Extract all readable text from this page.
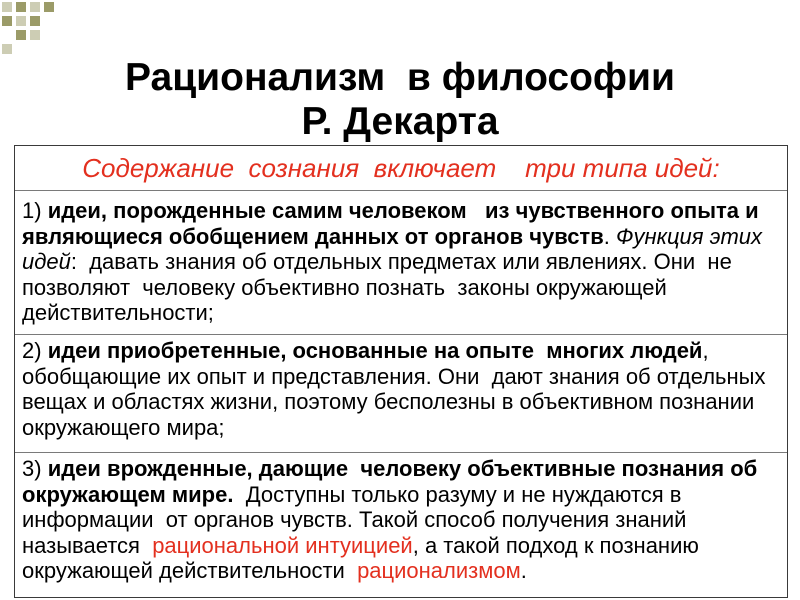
Рационализм  в философии
Р. Декарта
Содержание  сознания  включает    три типа идей:
1) идеи, порожденные самим человеком   из чувственного опыта и являющиеся обобщением данных от органов чувств. Функция этих идей:  давать знания об отдельных предметах или явлениях. Они  не позволяют  человеку объективно познать  законы окружающей действительности;
2) идеи приобретенные, основанные на опыте  многих людей, обобщающие их опыт и представления. Они  дают знания об отдельных вещах и областях жизни, поэтому бесполезны в объективном познании окружающего мира;
3) идеи врожденные, дающие  человеку объективные познания об окружающем мире.  Доступны только разуму и не нуждаются в информации  от органов чувств. Такой способ получения знаний называется  рациональной интуицией, а такой подход к познанию окружающей действительности  рационализмом.
